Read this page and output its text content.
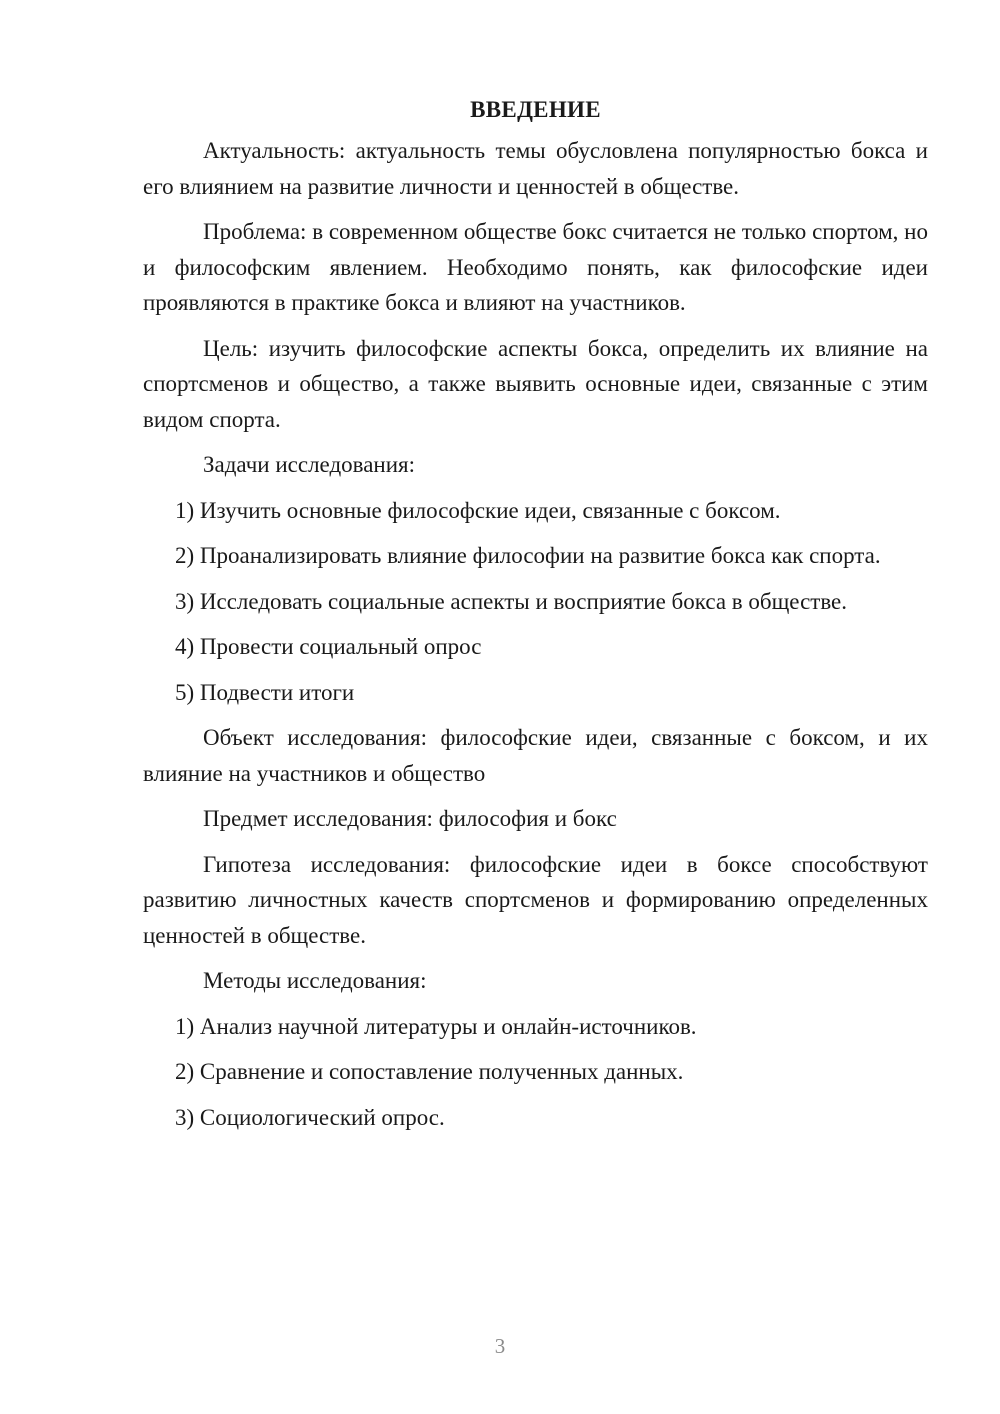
ВВЕДЕНИЕ

Актуальность: актуальность темы обусловлена популярностью бокса и его влиянием на развитие личности и ценностей в обществе.

Проблема: в современном обществе бокс считается не только спортом, но и философским явлением. Необходимо понять, как философские идеи проявляются в практике бокса и влияют на участников.

Цель: изучить философские аспекты бокса, определить их влияние на спортсменов и общество, а также выявить основные идеи, связанные с этим видом спорта.

Задачи исследования:

1) Изучить основные философские идеи, связанные с боксом.

2) Проанализировать влияние философии на развитие бокса как спорта.

3) Исследовать социальные аспекты и восприятие бокса в обществе.

4) Провести социальный опрос

5) Подвести итоги

Объект исследования: философские идеи, связанные с боксом, и их влияние на участников и общество

Предмет исследования: философия и бокс

Гипотеза исследования: философские идеи в боксе способствуют развитию личностных качеств спортсменов и формированию определенных ценностей в обществе.

Методы исследования:

1) Анализ научной литературы и онлайн-источников.

2) Сравнение и сопоставление полученных данных.

3) Социологический опрос.

3
